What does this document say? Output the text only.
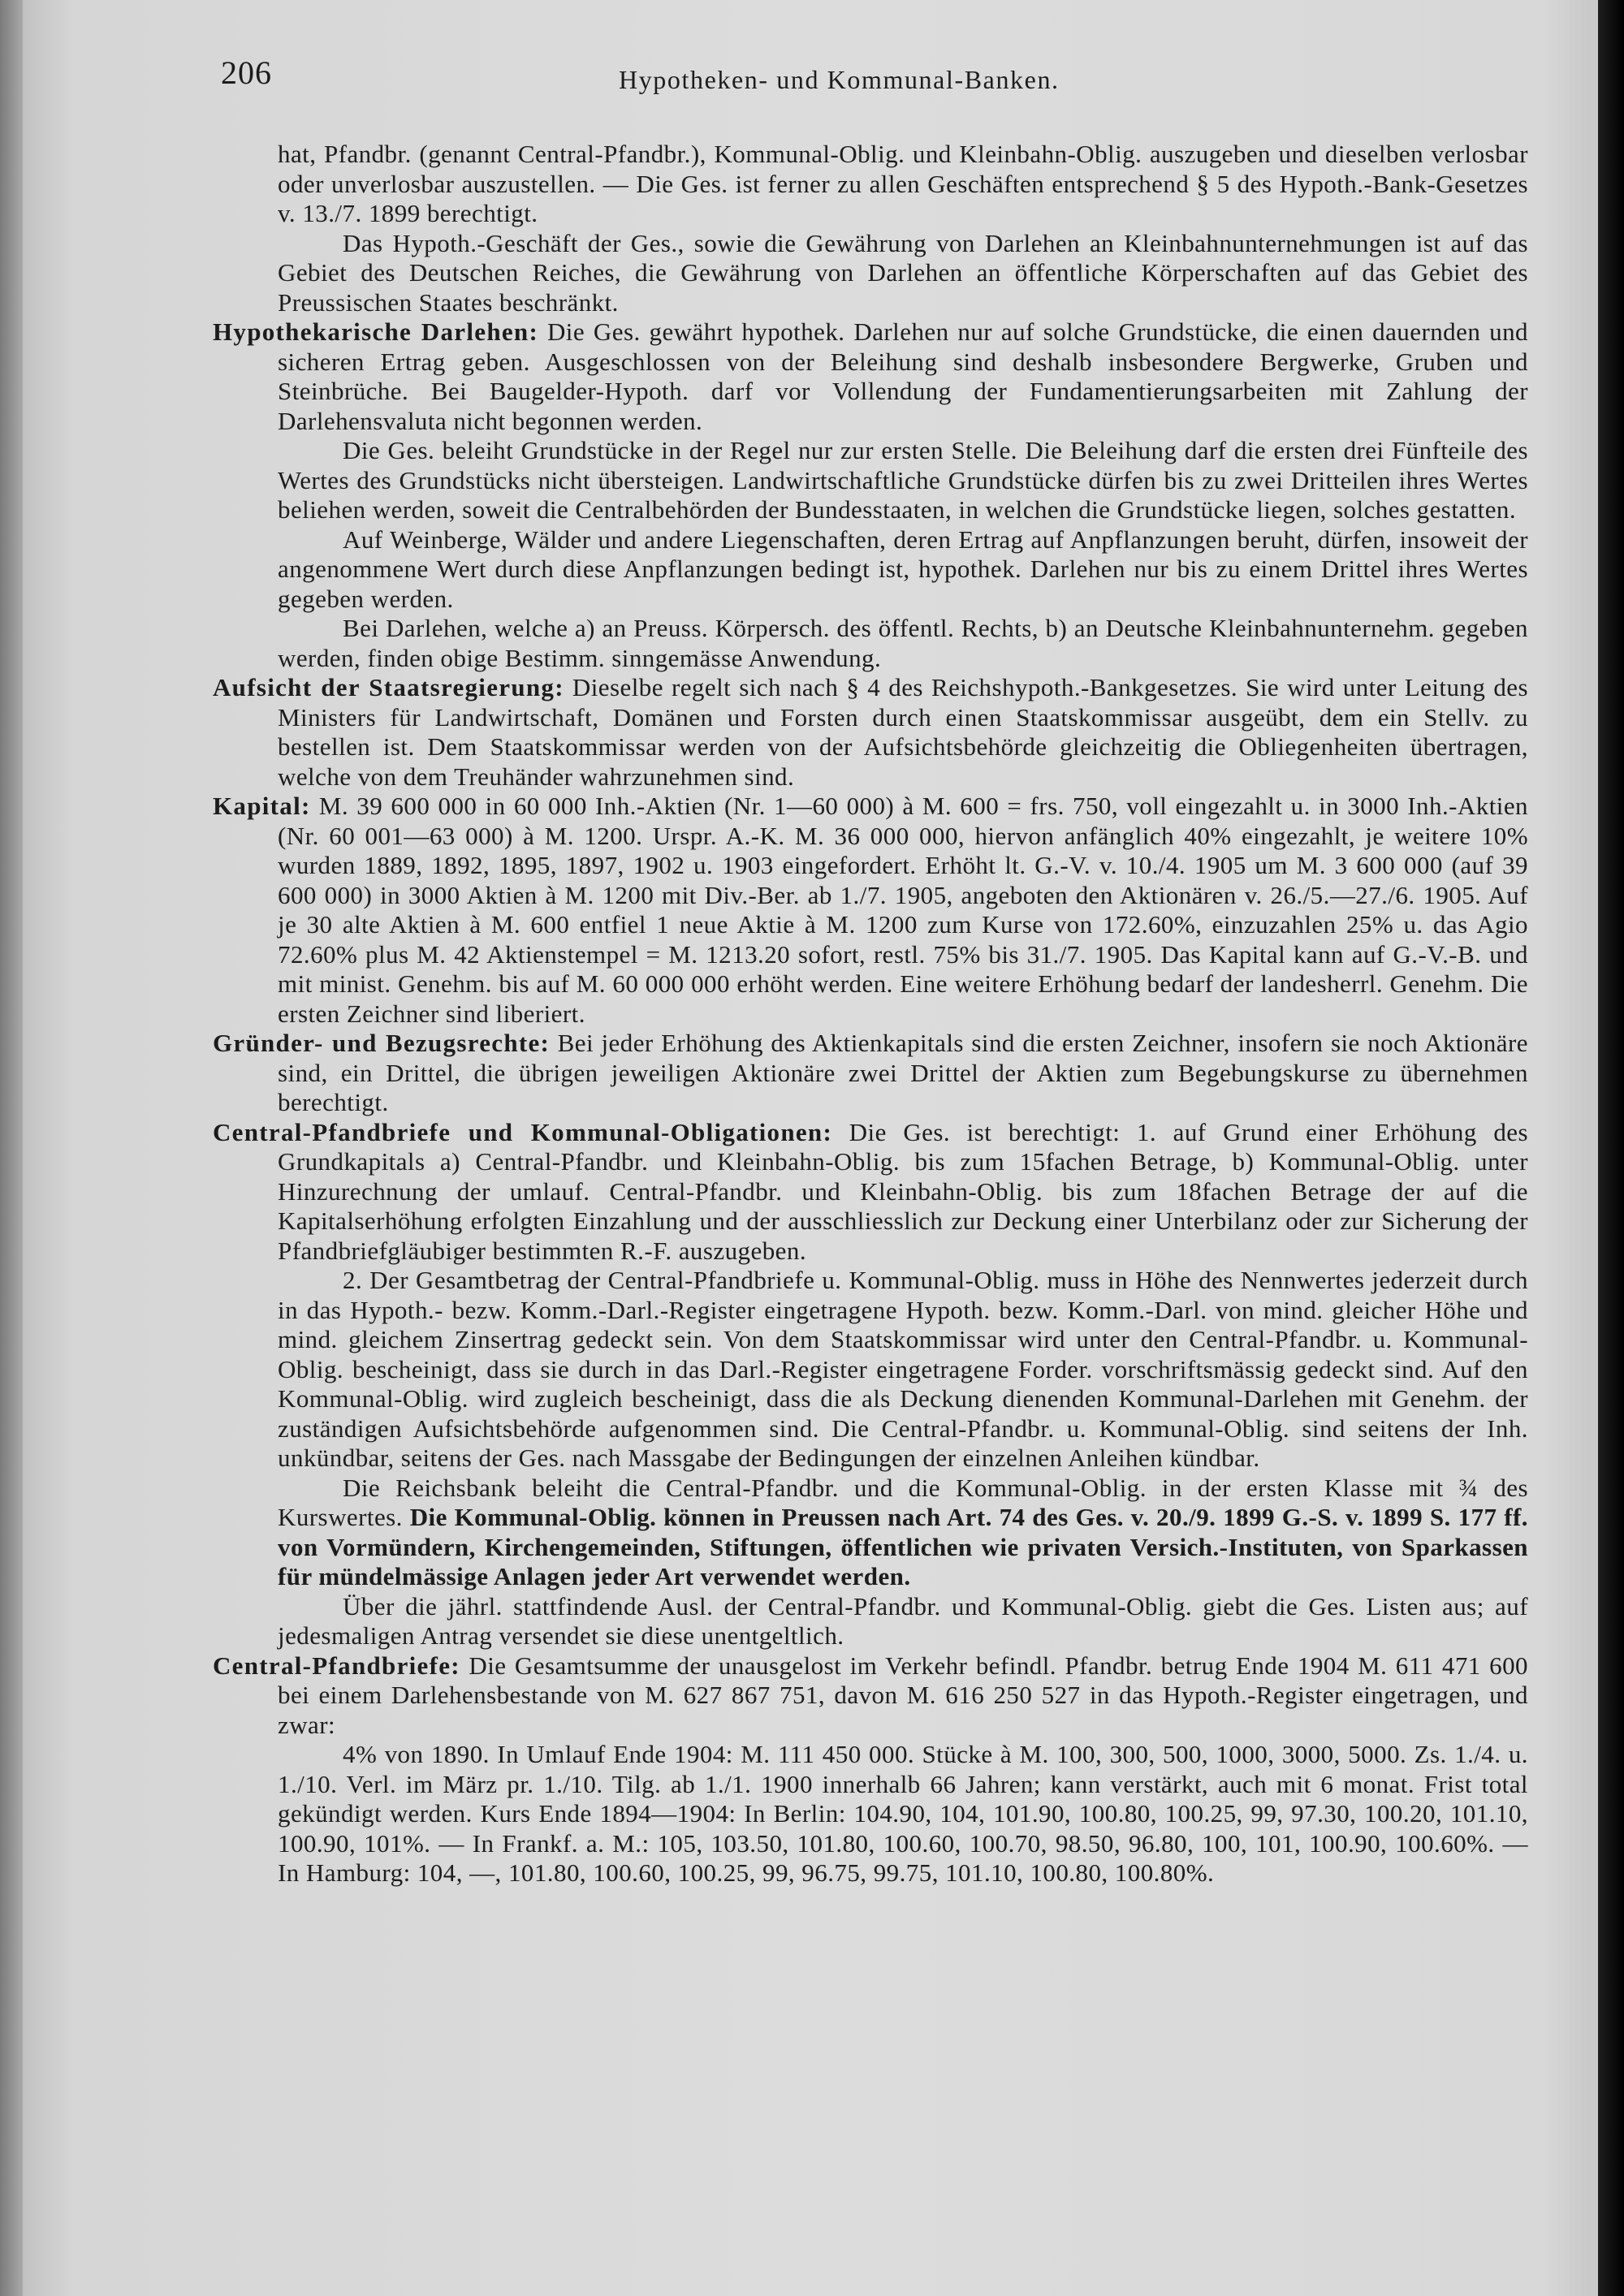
206	Hypotheken- und Kommunal-Banken.

hat, Pfandbr. (genannt Central-Pfandbr.), Kommunal-Oblig. und Kleinbahn-Oblig. auszugeben und dieselben verlosbar oder unverlosbar auszustellen. — Die Ges. ist ferner zu allen Geschäften entsprechend § 5 des Hypoth.-Bank-Gesetzes v. 13./7. 1899 berechtigt.

Das Hypoth.-Geschäft der Ges., sowie die Gewährung von Darlehen an Kleinbahnunternehmungen ist auf das Gebiet des Deutschen Reiches, die Gewährung von Darlehen an öffentliche Körperschaften auf das Gebiet des Preussischen Staates beschränkt.

Hypothekarische Darlehen: Die Ges. gewährt hypothek. Darlehen nur auf solche Grundstücke, die einen dauernden und sicheren Ertrag geben. Ausgeschlossen von der Beleihung sind deshalb insbesondere Bergwerke, Gruben und Steinbrüche. Bei Baugelder-Hypoth. darf vor Vollendung der Fundamentierungsarbeiten mit Zahlung der Darlehensvaluta nicht begonnen werden.

Die Ges. beleiht Grundstücke in der Regel nur zur ersten Stelle. Die Beleihung darf die ersten drei Fünfteile des Wertes des Grundstücks nicht übersteigen. Landwirtschaftliche Grundstücke dürfen bis zu zwei Dritteilen ihres Wertes beliehen werden, soweit die Centralbehörden der Bundesstaaten, in welchen die Grundstücke liegen, solches gestatten.

Auf Weinberge, Wälder und andere Liegenschaften, deren Ertrag auf Anpflanzungen beruht, dürfen, insoweit der angenommene Wert durch diese Anpflanzungen bedingt ist, hypothek. Darlehen nur bis zu einem Drittel ihres Wertes gegeben werden.

Bei Darlehen, welche a) an Preuss. Körpersch. des öffentl. Rechts, b) an Deutsche Kleinbahnunternehm. gegeben werden, finden obige Bestimm. sinngemässe Anwendung.

Aufsicht der Staatsregierung: Dieselbe regelt sich nach § 4 des Reichshypoth.-Bankgesetzes. Sie wird unter Leitung des Ministers für Landwirtschaft, Domänen und Forsten durch einen Staatskommissar ausgeübt, dem ein Stellv. zu bestellen ist. Dem Staatskommissar werden von der Aufsichtsbehörde gleichzeitig die Obliegenheiten übertragen, welche von dem Treuhänder wahrzunehmen sind.

Kapital: M. 39 600 000 in 60 000 Inh.-Aktien (Nr. 1—60 000) à M. 600 = frs. 750, voll eingezahlt u. in 3000 Inh.-Aktien (Nr. 60 001—63 000) à M. 1200. Urspr. A.-K. M. 36 000 000, hiervon anfänglich 40% eingezahlt, je weitere 10% wurden 1889, 1892, 1895, 1897, 1902 u. 1903 eingefordert. Erhöht lt. G.-V. v. 10./4. 1905 um M. 3 600 000 (auf 39 600 000) in 3000 Aktien à M. 1200 mit Div.-Ber. ab 1./7. 1905, angeboten den Aktionären v. 26./5.—27./6. 1905. Auf je 30 alte Aktien à M. 600 entfiel 1 neue Aktie à M. 1200 zum Kurse von 172.60%, einzuzahlen 25% u. das Agio 72.60% plus M. 42 Aktienstempel = M. 1213.20 sofort, restl. 75% bis 31./7. 1905. Das Kapital kann auf G.-V.-B. und mit minist. Genehm. bis auf M. 60 000 000 erhöht werden. Eine weitere Erhöhung bedarf der landesherrl. Genehm. Die ersten Zeichner sind liberiert.

Gründer- und Bezugsrechte: Bei jeder Erhöhung des Aktienkapitals sind die ersten Zeichner, insofern sie noch Aktionäre sind, ein Drittel, die übrigen jeweiligen Aktionäre zwei Drittel der Aktien zum Begebungskurse zu übernehmen berechtigt.

Central-Pfandbriefe und Kommunal-Obligationen: Die Ges. ist berechtigt: 1. auf Grund einer Erhöhung des Grundkapitals a) Central-Pfandbr. und Kleinbahn-Oblig. bis zum 15fachen Betrage, b) Kommunal-Oblig. unter Hinzurechnung der umlauf. Central-Pfandbr. und Kleinbahn-Oblig. bis zum 18fachen Betrage der auf die Kapitalserhöhung erfolgten Einzahlung und der ausschliesslich zur Deckung einer Unterbilanz oder zur Sicherung der Pfandbriefgläubiger bestimmten R.-F. auszugeben.

2. Der Gesamtbetrag der Central-Pfandbriefe u. Kommunal-Oblig. muss in Höhe des Nennwertes jederzeit durch in das Hypoth.- bezw. Komm.-Darl.-Register eingetragene Hypoth. bezw. Komm.-Darl. von mind. gleicher Höhe und mind. gleichem Zinsertrag gedeckt sein. Von dem Staatskommissar wird unter den Central-Pfandbr. u. Kommunal-Oblig. bescheinigt, dass sie durch in das Darl.-Register eingetragene Forder. vorschriftsmässig gedeckt sind. Auf den Kommunal-Oblig. wird zugleich bescheinigt, dass die als Deckung dienenden Kommunal-Darlehen mit Genehm. der zuständigen Aufsichtsbehörde aufgenommen sind. Die Central-Pfandbr. u. Kommunal-Oblig. sind seitens der Inh. unkündbar, seitens der Ges. nach Massgabe der Bedingungen der einzelnen Anleihen kündbar.

Die Reichsbank beleiht die Central-Pfandbr. und die Kommunal-Oblig. in der ersten Klasse mit ¾ des Kurswertes. Die Kommunal-Oblig. können in Preussen nach Art. 74 des Ges. v. 20./9. 1899 G.-S. v. 1899 S. 177 ff. von Vormündern, Kirchengemeinden, Stiftungen, öffentlichen wie privaten Versich.-Instituten, von Sparkassen für mündelmässige Anlagen jeder Art verwendet werden.

Über die jährl. stattfindende Ausl. der Central-Pfandbr. und Kommunal-Oblig. giebt die Ges. Listen aus; auf jedesmaligen Antrag versendet sie diese unentgeltlich.

Central-Pfandbriefe: Die Gesamtsumme der unausgelost im Verkehr befindl. Pfandbr. betrug Ende 1904 M. 611 471 600 bei einem Darlehensbestande von M. 627 867 751, davon M. 616 250 527 in das Hypoth.-Register eingetragen, und zwar:

4% von 1890. In Umlauf Ende 1904: M. 111 450 000. Stücke à M. 100, 300, 500, 1000, 3000, 5000. Zs. 1./4. u. 1./10. Verl. im März pr. 1./10. Tilg. ab 1./1. 1900 innerhalb 66 Jahren; kann verstärkt, auch mit 6 monat. Frist total gekündigt werden. Kurs Ende 1894—1904: In Berlin: 104.90, 104, 101.90, 100.80, 100.25, 99, 97.30, 100.20, 101.10, 100.90, 101%. — In Frankf. a. M.: 105, 103.50, 101.80, 100.60, 100.70, 98.50, 96.80, 100, 101, 100.90, 100.60%. — In Hamburg: 104, —, 101.80, 100.60, 100.25, 99, 96.75, 99.75, 101.10, 100.80, 100.80%.
